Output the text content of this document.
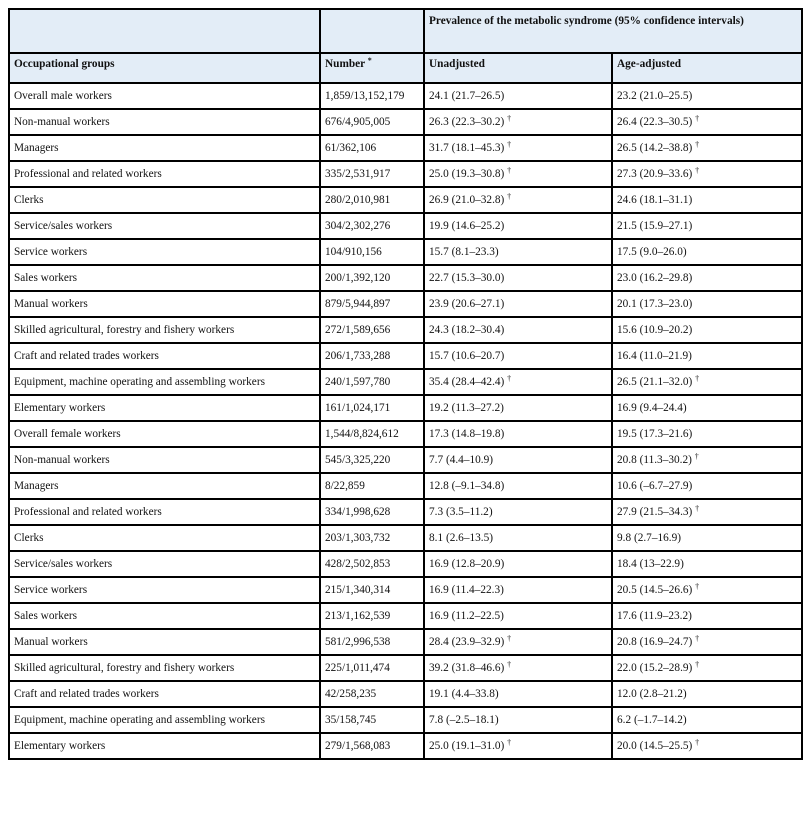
		Prevalence of the metabolic syndrome (95% confidence intervals)	
Occupational groups	Number *	Unadjusted	Age-adjusted
Overall male workers	1,859/13,152,179	24.1 (21.7–26.5)	23.2 (21.0–25.5)
Non-manual workers	676/4,905,005	26.3 (22.3–30.2) †	26.4 (22.3–30.5) †
Managers	61/362,106	31.7 (18.1–45.3) †	26.5 (14.2–38.8) †
Professional and related workers	335/2,531,917	25.0 (19.3–30.8) †	27.3 (20.9–33.6) †
Clerks	280/2,010,981	26.9 (21.0–32.8) †	24.6 (18.1–31.1)
Service/sales workers	304/2,302,276	19.9 (14.6–25.2)	21.5 (15.9–27.1)
Service workers	104/910,156	15.7 (8.1–23.3)	17.5 (9.0–26.0)
Sales workers	200/1,392,120	22.7 (15.3–30.0)	23.0 (16.2–29.8)
Manual workers	879/5,944,897	23.9 (20.6–27.1)	20.1 (17.3–23.0)
Skilled agricultural, forestry and fishery workers	272/1,589,656	24.3 (18.2–30.4)	15.6 (10.9–20.2)
Craft and related trades workers	206/1,733,288	15.7 (10.6–20.7)	16.4 (11.0–21.9)
Equipment, machine operating and assembling workers	240/1,597,780	35.4 (28.4–42.4) †	26.5 (21.1–32.0) †
Elementary workers	161/1,024,171	19.2 (11.3–27.2)	16.9 (9.4–24.4)
Overall female workers	1,544/8,824,612	17.3 (14.8–19.8)	19.5 (17.3–21.6)
Non-manual workers	545/3,325,220	7.7 (4.4–10.9)	20.8 (11.3–30.2) †
Managers	8/22,859	12.8 (–9.1–34.8)	10.6 (–6.7–27.9)
Professional and related workers	334/1,998,628	7.3 (3.5–11.2)	27.9 (21.5–34.3) †
Clerks	203/1,303,732	8.1 (2.6–13.5)	9.8 (2.7–16.9)
Service/sales workers	428/2,502,853	16.9 (12.8–20.9)	18.4 (13–22.9)
Service workers	215/1,340,314	16.9 (11.4–22.3)	20.5 (14.5–26.6) †
Sales workers	213/1,162,539	16.9 (11.2–22.5)	17.6 (11.9–23.2)
Manual workers	581/2,996,538	28.4 (23.9–32.9) †	20.8 (16.9–24.7) †
Skilled agricultural, forestry and fishery workers	225/1,011,474	39.2 (31.8–46.6) †	22.0 (15.2–28.9) †
Craft and related trades workers	42/258,235	19.1 (4.4–33.8)	12.0 (2.8–21.2)
Equipment, machine operating and assembling workers	35/158,745	7.8 (–2.5–18.1)	6.2 (–1.7–14.2)
Elementary workers	279/1,568,083	25.0 (19.1–31.0) †	20.0 (14.5–25.5) †
